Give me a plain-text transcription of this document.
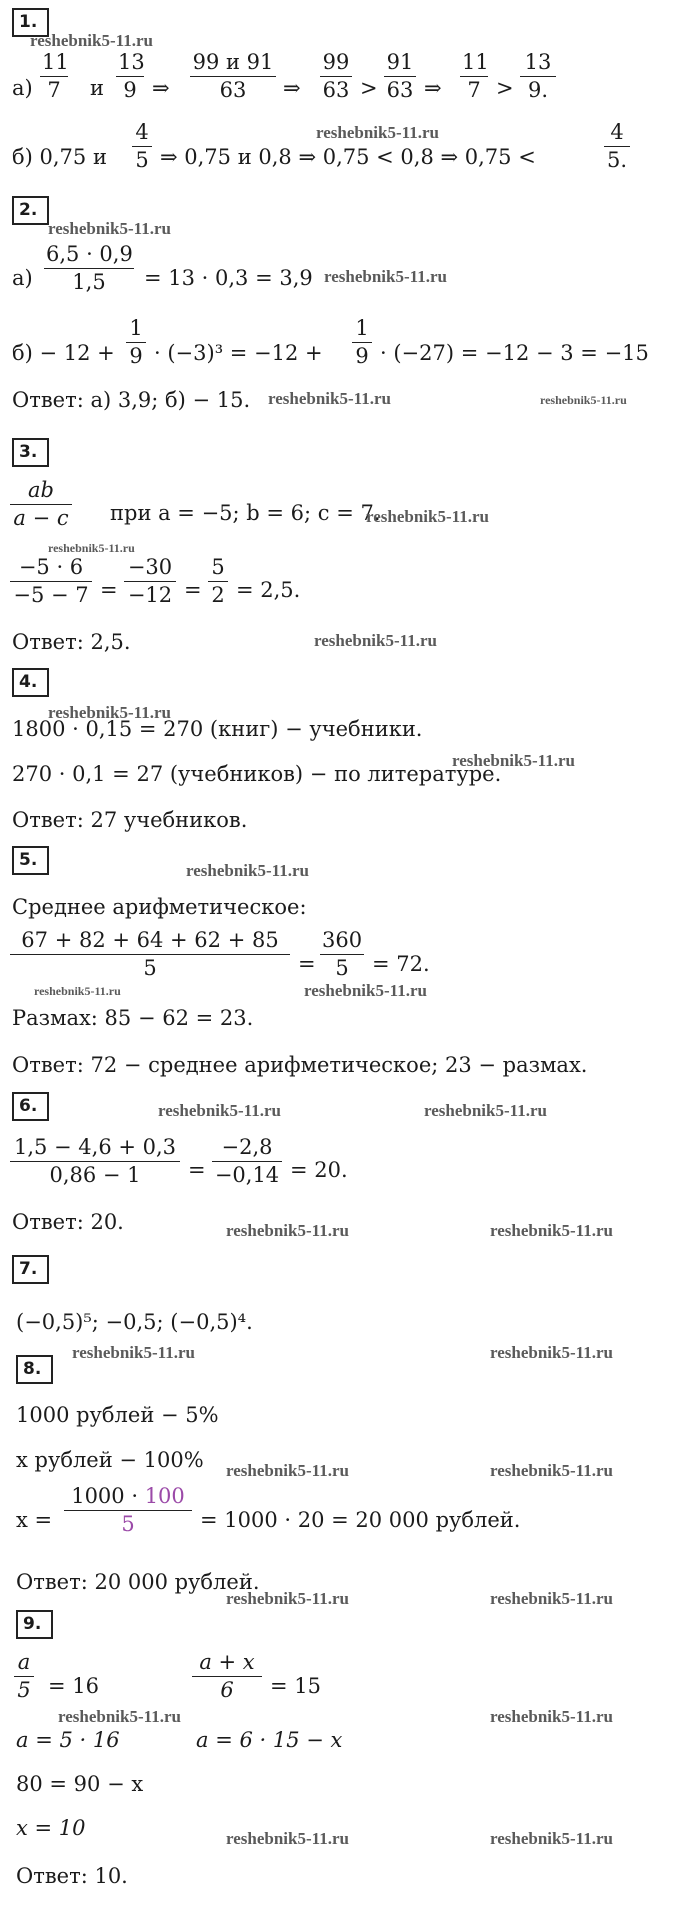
1.
$а) \frac{11}{7}$ и $\frac{13}{9}$ ⇒
99 и 91
63	⇒ $\frac{99}{63} > \frac{91}{63}$ ⇒ $\frac{11}{7} > \frac{13}{9.}$
б) 0,75 и $\frac{4}{5}$ ⇒ 0,75 и 0,8 ⇒ 0,75 < 0,8 ⇒ 0,75 <	$\frac{4}{5.}$
2.
$а) \frac{6,5 \cdot 0,9}{1,5} = 13 \cdot 0,3 = 3,9$
$б) - 12 + \frac{1}{9} \cdot (-3)^3 = -12 + \frac{1}{9} \cdot (-27) = -12 - 3 = -15$
Ответ: а) 3,9; б) − 15.
3.
$\frac{ab}{a - c}$ при a = −5; b = 6; c = 7.
$\frac{-5 \cdot 6}{-5 - 7} = \frac{-30}{-12} = \frac{5}{2} = 2,5$.
Ответ: 2,5.
4.
1800 · 0,15 = 270 (книг) − учебники.
270 · 0,1 = 27 (учебников) − по литературе.
Ответ: 27 учебников.
5.
Среднее арифметическое:
$\frac{67 + 82 + 64 + 62 + 85}{5} = \frac{360}{5} = 72$.
Размах: 85 − 62 = 23.
Ответ: 72 − среднее арифметическое; 23 − размах.
6.
$\frac{1,5 - 4,6 + 0,3}{0,86 - 1} = \frac{-2,8}{-0,14} = 20$.
Ответ: 20.
7.
(−0,5)⁵; −0,5; (−0,5)⁴.
8.
1000 рублей − 5%
x рублей − 100%
$x = \frac{1000 \cdot 100}{5} = 1000 \cdot 20 = 20$ 000 рублей.
Ответ: 20 000 рублей.
9.
$\frac{a}{5} = 16$	$\frac{a + x}{6} = 15$
a = 5 · 16	a = 6 · 15 − x
80 = 90 − x
x = 10
Ответ: 10.
reshebnik5-11.ru
reshebnik5-11.ru
reshebnik5-11.ru
reshebnik5-11.ru
reshebnik5-11.ru	reshebnik5-11.ru
reshebnik5-11.ru
reshebnik5-11.ru
reshebnik5-11.ru
reshebnik5-11.ru
reshebnik5-11.ru
reshebnik5-11.ru
reshebnik5-11.ru	reshebnik5-11.ru
reshebnik5-11.ru	reshebnik5-11.ru
reshebnik5-11.ru	reshebnik5-11.ru
reshebnik5-11.ru	reshebnik5-11.ru
reshebnik5-11.ru	reshebnik5-11.ru
reshebnik5-11.ru	reshebnik5-11.ru
reshebnik5-11.ru	reshebnik5-11.ru
reshebnik5-11.ru	reshebnik5-11.ru
